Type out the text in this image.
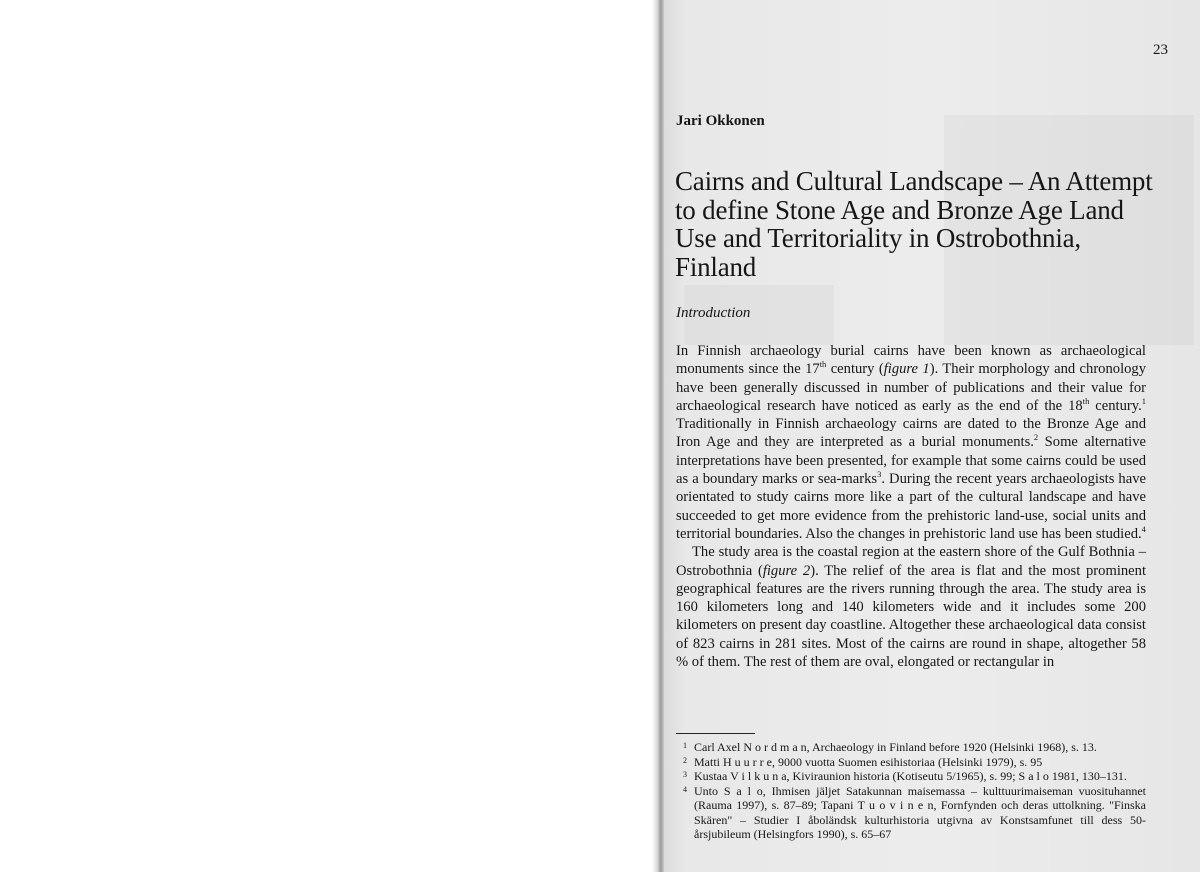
23
Jari Okkonen
Cairns and Cultural Landscape – An Attempt to define Stone Age and Bronze Age Land Use and Territoriality in Ostrobothnia, Finland
Introduction

In Finnish archaeology burial cairns have been known as archaeological monuments since the 17th century (figure 1). Their morphology and chronology have been generally discussed in number of publications and their value for archaeological research have noticed as early as the end of the 18th century.$^1$ Traditionally in Finnish archaeology cairns are dated to the Bronze Age and Iron Age and they are interpreted as a burial monuments.$^2$ Some alternative interpretations have been presented, for example that some cairns could be used as a boundary marks or sea-marks$^3$. During the recent years archaeologists have orientated to study cairns more like a part of the cultural landscape and have succeeded to get more evidence from the prehistoric land-use, social units and territorial boundaries. Also the changes in prehistoric land use has been studied.$^4$

The study area is the coastal region at the eastern shore of the Gulf Bothnia – Ostrobothnia (figure 2). The relief of the area is flat and the most prominent geographical features are the rivers running through the area. The study area is 160 kilometers long and 140 kilometers wide and it includes some 200 kilometers on present day coastline. Altogether these archaeological data consist of 823 cairns in 281 sites. Most of the cairns are round in shape, altogether 58 % of them. The rest of them are oval, elongated or rectangular in

1 Carl Axel N o r d m a n, Archaeology in Finland before 1920 (Helsinki 1968), s. 13.
2 Matti H u u r r e, 9000 vuotta Suomen esihistoriaa (Helsinki 1979), s. 95
3 Kustaa V i l k u n a, Kiviraunion historia (Kotiseutu 5/1965), s. 99; S a l o 1981, 130–131.
4 Unto S a l o, Ihmisen jäljet Satakunnan maisemassa – kulttuurimaiseman vuosituhannet (Rauma 1997), s. 87–89; Tapani T u o v i n e n, Fornfynden och deras uttolkning. "Finska Skären" – Studier I åboländsk kulturhistoria utgivna av Konstsamfunet till dess 50-årsjubileum (Helsingfors 1990), s. 65–67
